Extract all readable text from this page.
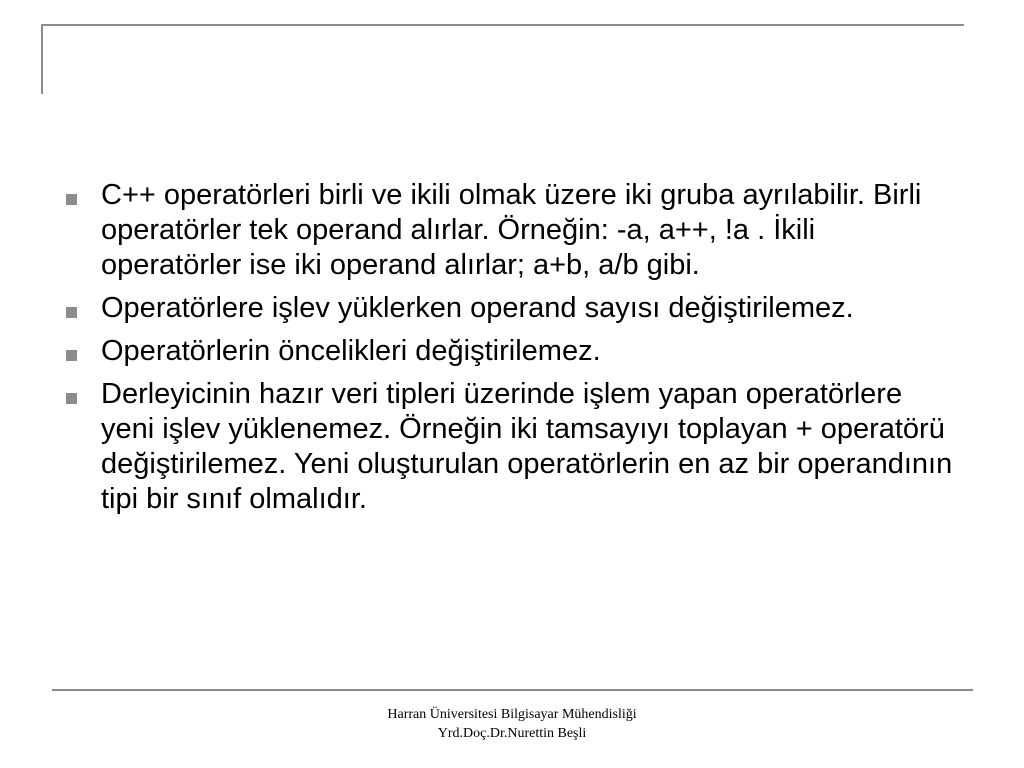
C++ operatörleri birli ve ikili olmak üzere iki gruba ayrılabilir. Birli operatörler tek operand alırlar. Örneğin: -a, a++, !a . İkili operatörler ise iki operand alırlar; a+b, a/b gibi.
Operatörlere işlev yüklerken operand sayısı değiştirilemez.
Operatörlerin öncelikleri değiştirilemez.
Derleyicinin hazır veri tipleri üzerinde işlem yapan operatörlere yeni işlev yüklenemez. Örneğin iki tamsayıyı toplayan + operatörü değiştirilemez. Yeni oluşturulan operatörlerin en az bir operandının tipi bir sınıf olmalıdır.
Harran Üniversitesi Bilgisayar Mühendisliği
Yrd.Doç.Dr.Nurettin Beşli
